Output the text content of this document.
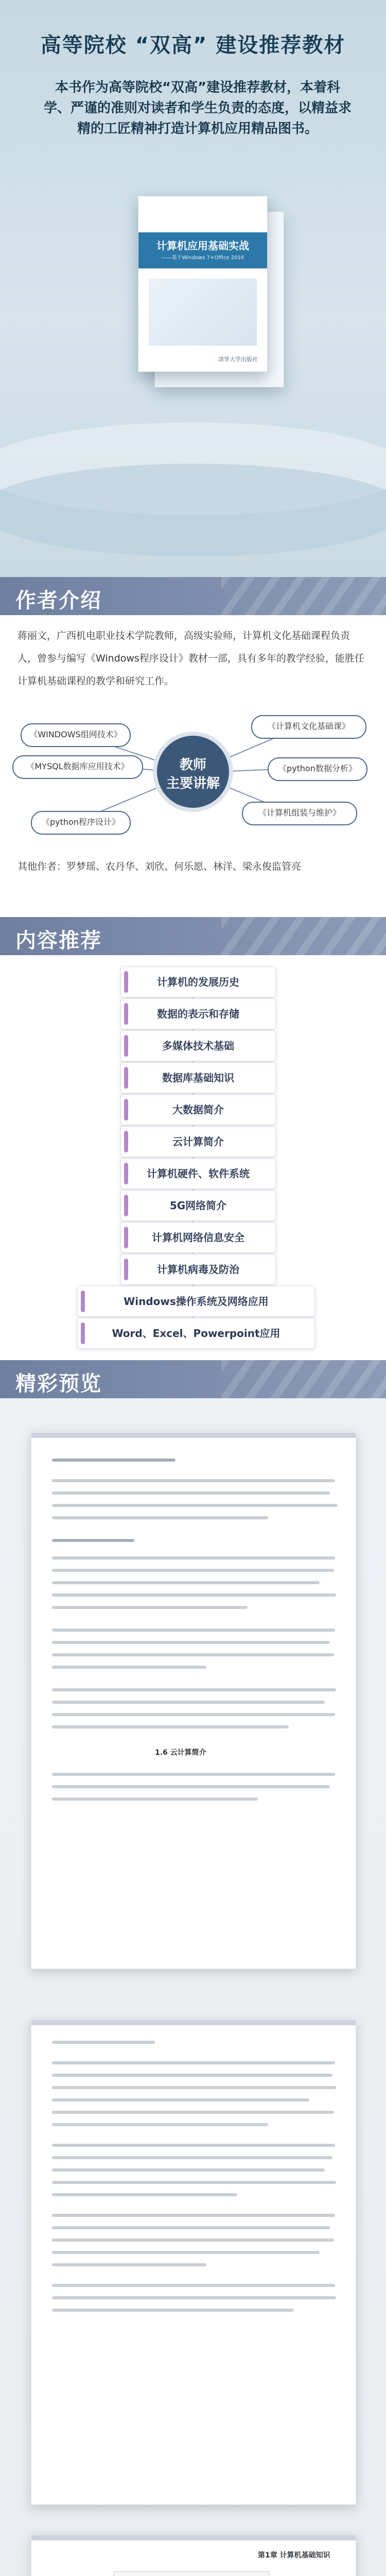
高等院校 “双高” 建设推荐教材
本书作为高等院校“双高”建设推荐教材，本着科学、严谨的准则对读者和学生负责的态度，以精益求精的工匠精神打造计算机应用精品图书。
计算机应用基础实战
——基于Windows 7+Office 2016
清华大学出版社
作者介绍
蒋丽文，广西机电职业技术学院教师，高级实验师，计算机文化基础课程负责人，曾参与编写《Windows程序设计》教材一部，具有多年的教学经验，能胜任计算机基础课程的教学和研究工作。
《WINDOWS组网技术》
《MYSQL数据库应用技术》
《计算机文化基础课》
《python数据分析》
《计算机组装与维护》
《python程序设计》
教师
主要讲解
其他作者：罗梦瑶、农丹华、刘欣、何乐愿、林洋、梁永俊监管亮
内容推荐
计算机的发展历史
数据的表示和存储
多媒体技术基础
数据库基础知识
大数据简介
云计算简介
计算机硬件、软件系统
5G网络简介
计算机网络信息安全
计算机病毒及防治
Windows操作系统及网络应用
Word、Excel、Powerpoint应用
精彩预览
1.6 云计算简介
第1章 计算机基础知识
